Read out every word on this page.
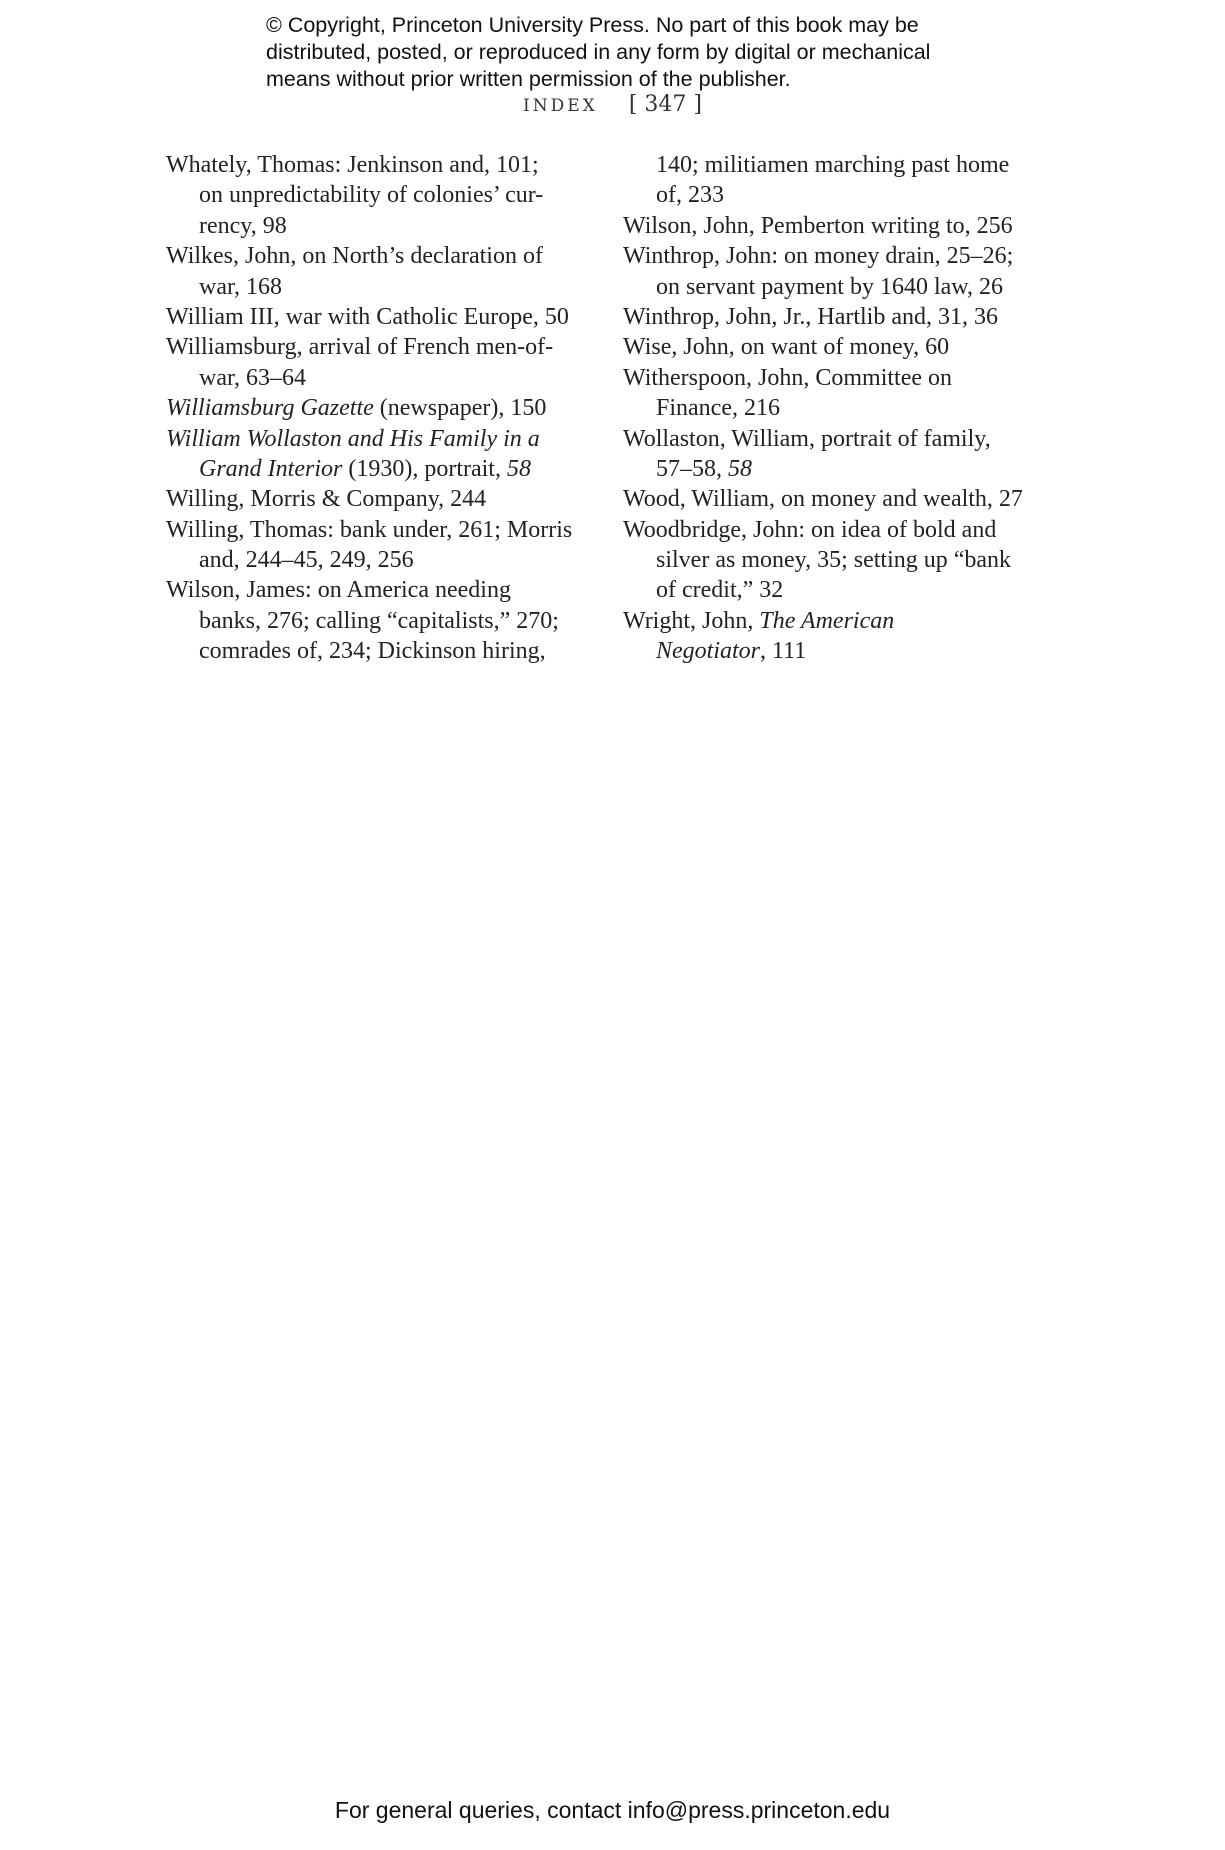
© Copyright, Princeton University Press. No part of this book may be
distributed, posted, or reproduced in any form by digital or mechanical
means without prior written permission of the publisher.
INDEX [ 347 ]
Whately, Thomas: Jenkinson and, 101;
on unpredictability of colonies’ cur-
rency, 98
Wilkes, John, on North’s declaration of
war, 168
William III, war with Catholic Europe, 50
Williamsburg, arrival of French men-of-
war, 63–64
Williamsburg Gazette (newspaper), 150
William Wollaston and His Family in a
Grand Interior (1930), portrait, 58
Willing, Morris & Company, 244
Willing, Thomas: bank under, 261; Morris
and, 244–45, 249, 256
Wilson, James: on America needing
banks, 276; calling “capitalists,” 270;
comrades of, 234; Dickinson hiring,
140; militiamen marching past home
of, 233
Wilson, John, Pemberton writing to, 256
Winthrop, John: on money drain, 25–26;
on servant payment by 1640 law, 26
Winthrop, John, Jr., Hartlib and, 31, 36
Wise, John, on want of money, 60
Witherspoon, John, Committee on
Finance, 216
Wollaston, William, portrait of family,
57–58, 58
Wood, William, on money and wealth, 27
Woodbridge, John: on idea of bold and
silver as money, 35; setting up “bank
of credit,” 32
Wright, John, The American
Negotiator, 111
For general queries, contact info@press.princeton.edu
